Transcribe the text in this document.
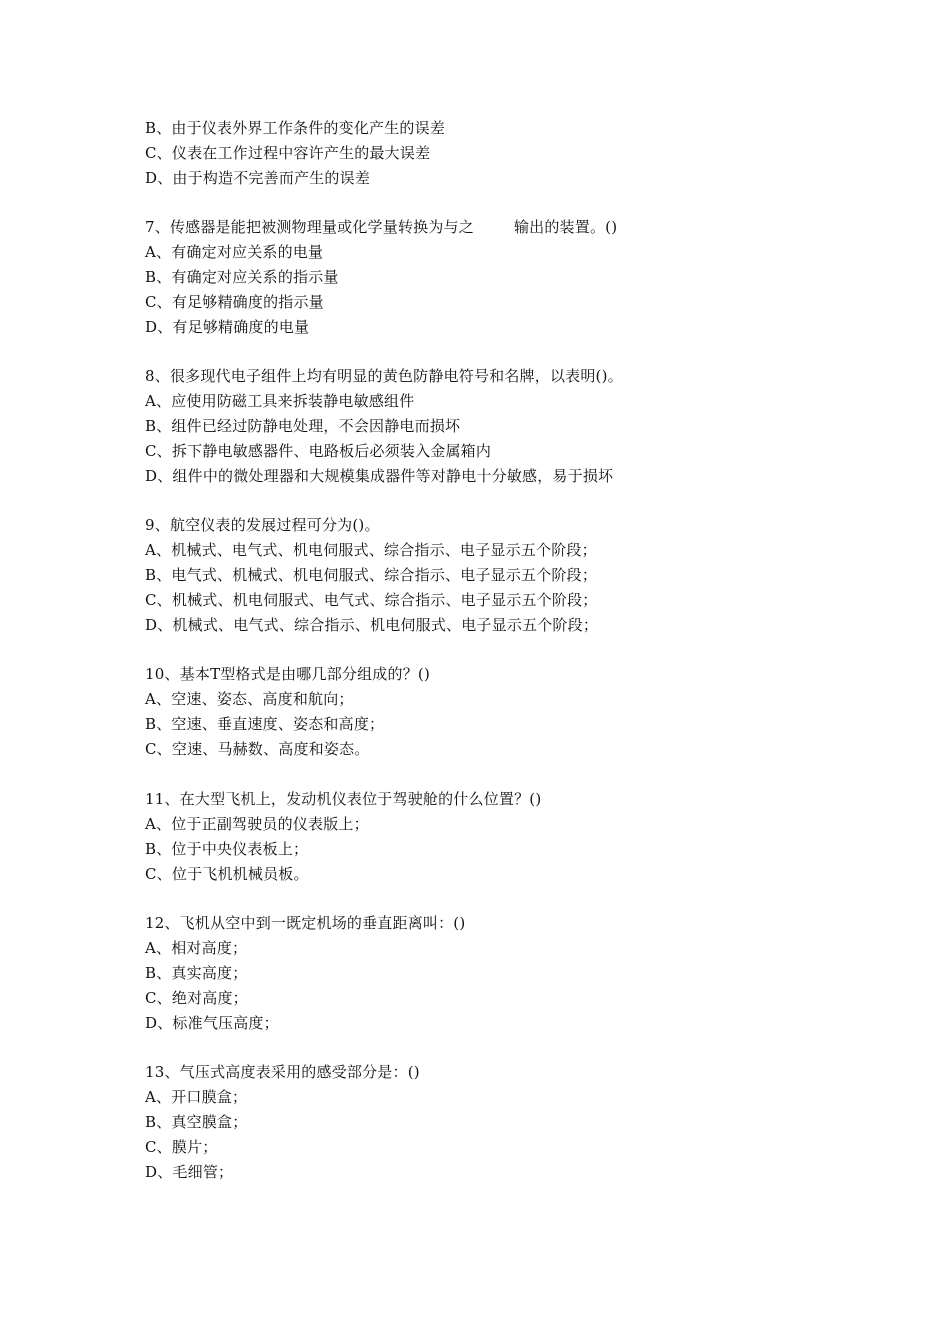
B、由于仪表外界工作条件的变化产生的误差
C、仪表在工作过程中容许产生的最大误差
D、由于构造不完善而产生的误差
7、传感器是能把被测物理量或化学量转换为与之	输出的装置。()
A、有确定对应关系的电量
B、有确定对应关系的指示量
C、有足够精确度的指示量
D、有足够精确度的电量
8、很多现代电子组件上均有明显的黄色防静电符号和名牌，以表明()。
A、应使用防磁工具来拆装静电敏感组件
B、组件已经过防静电处理，不会因静电而损坏
C、拆下静电敏感器件、电路板后必须装入金属箱内
D、组件中的微处理器和大规模集成器件等对静电十分敏感，易于损坏
9、航空仪表的发展过程可分为()。
A、机械式、电气式、机电伺服式、综合指示、电子显示五个阶段；
B、电气式、机械式、机电伺服式、综合指示、电子显示五个阶段；
C、机械式、机电伺服式、电气式、综合指示、电子显示五个阶段；
D、机械式、电气式、综合指示、机电伺服式、电子显示五个阶段；
10、基本T型格式是由哪几部分组成的？()
A、空速、姿态、高度和航向；
B、空速、垂直速度、姿态和高度；
C、空速、马赫数、高度和姿态。
11、在大型飞机上，发动机仪表位于驾驶舱的什么位置？()
A、位于正副驾驶员的仪表版上；
B、位于中央仪表板上；
C、位于飞机机械员板。
12、飞机从空中到一既定机场的垂直距离叫：()
A、相对高度；
B、真实高度；
C、绝对高度；
D、标准气压高度；
13、气压式高度表采用的感受部分是：()
A、开口膜盒；
B、真空膜盒；
C、膜片；
D、毛细管；
